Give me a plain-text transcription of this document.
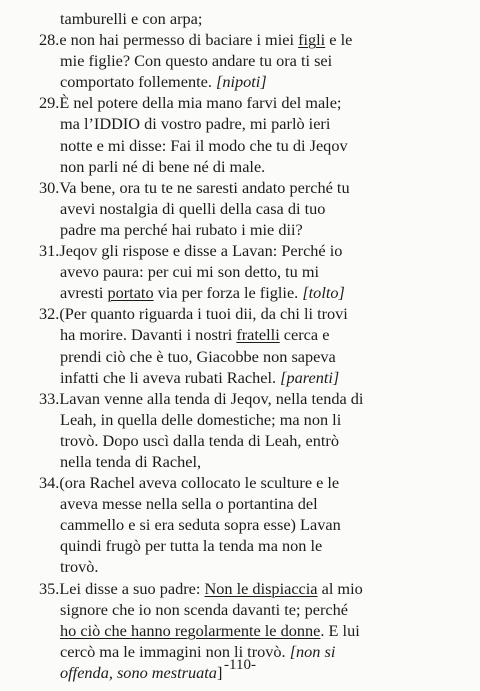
tamburelli e con arpa;
28.e non hai permesso di baciare i miei figli e le
mie figlie? Con questo andare tu ora ti sei
comportato follemente. [nipoti]
29.È nel potere della mia mano farvi del male;
ma l’IDDIO di vostro padre, mi parlò ieri
notte e mi disse: Fai il modo che tu di Jeqov
non parli né di bene né di male.
30.Va bene, ora tu te ne saresti andato perché tu
avevi nostalgia di quelli della casa di tuo
padre ma perché hai rubato i mie dii?
31.Jeqov gli rispose e disse a Lavan: Perché io
avevo paura: per cui mi son detto, tu mi
avresti portato via per forza le figlie. [tolto]
32.(Per quanto riguarda i tuoi dii, da chi li trovi
ha morire. Davanti i nostri fratelli cerca e
prendi ciò che è tuo, Giacobbe non sapeva
infatti che li aveva rubati Rachel. [parenti]
33.Lavan venne alla tenda di Jeqov, nella tenda di
Leah, in quella delle domestiche; ma non li
trovò. Dopo uscì dalla tenda di Leah, entrò
nella tenda di Rachel,
34.(ora Rachel aveva collocato le sculture e le
aveva messe nella sella o portantina del
cammello e si era seduta sopra esse) Lavan
quindi frugò per tutta la tenda ma non le
trovò.
35.Lei disse a suo padre: Non le dispiaccia al mio
signore che io non scenda davanti te; perché
ho ciò che hanno regolarmente le donne. E lui
cercò ma le immagini non li trovò. [non si
offenda, sono mestruata] -110-
